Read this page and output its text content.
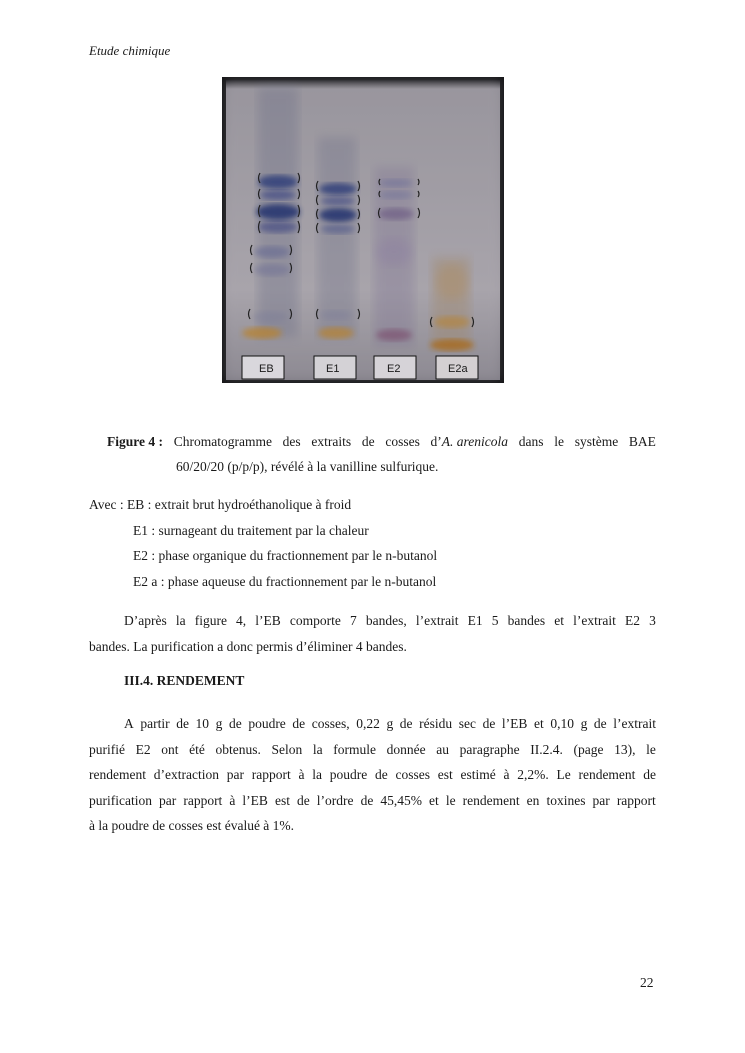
Etude chimique
EB	E1	E2	E2a
Figure 4 : Chromatogramme des extraits de cosses d’A. arenicola dans le système BAE
60/20/20 (p/p/p), révélé à la vanilline sulfurique.
Avec : EB : extrait brut hydroéthanolique à froid
E1 : surnageant du traitement par la chaleur
E2 : phase organique du fractionnement par le n-butanol
E2 a : phase aqueuse du fractionnement par le n-butanol
D’après la figure 4, l’EB comporte 7 bandes, l’extrait E1 5 bandes et l’extrait E2 3
bandes. La purification a donc permis d’éliminer 4 bandes.
III.4. RENDEMENT
A partir de 10 g de poudre de cosses, 0,22 g de résidu sec de l’EB et 0,10 g de l’extrait
purifié E2 ont été obtenus. Selon la formule donnée au paragraphe II.2.4. (page 13), le
rendement d’extraction par rapport à la poudre de cosses est estimé à 2,2%. Le rendement de
purification par rapport à l’EB est de l’ordre de 45,45% et le rendement en toxines par rapport
à la poudre de cosses est évalué à 1%.
22
